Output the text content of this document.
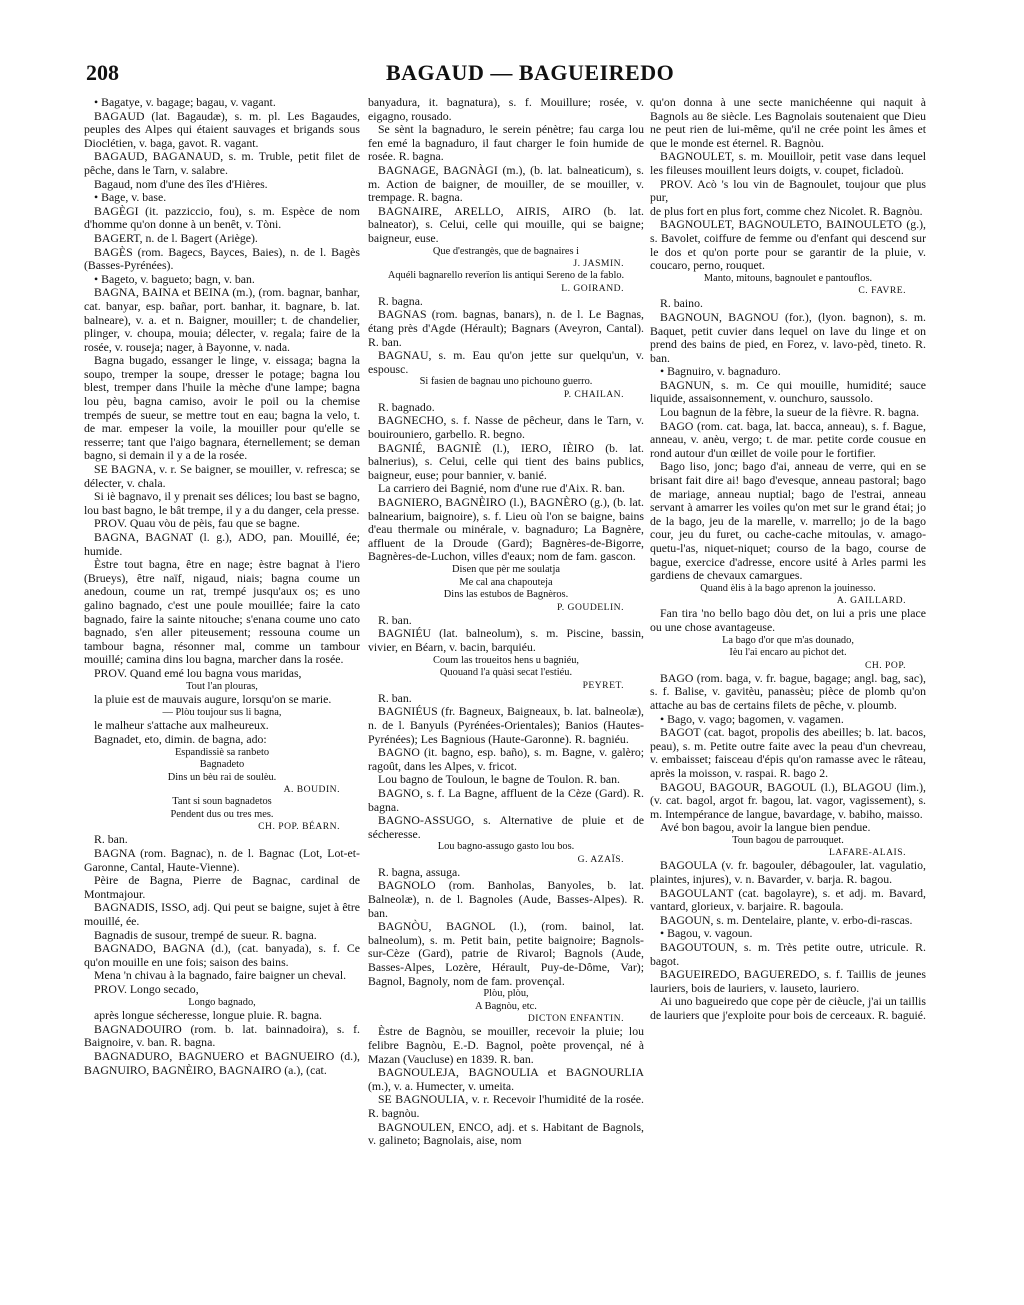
208	BAGAUD — BAGUEIREDO

• Bagatye, v. bagage; bagau, v. vagant.

BAGAUD (lat. Bagaudæ), s. m. pl. Les Bagaudes, peuples des Alpes qui étaient sauvages et brigands sous Dioclétien, v. baga, gavot. R. vagant.

BAGAUD, BAGANAUD, s. m. Truble, petit filet de pêche, dans le Tarn, v. salabre.

Bagaud, nom d'une des îles d'Hières.

• Bage, v. base.

BAGÈGI (it. pazziccio, fou), s. m. Espèce de nom d'homme qu'on donne à un benêt, v. Tòni.

BAGERT, n. de l. Bagert (Ariège).

BAGÈS (rom. Bageсs, Bayces, Baies), n. de l. Bagès (Basses-Pyrénées).

• Bageto, v. bagueto; bagn, v. ban.

BAGNA, BAINA et BEINA (m.), (rom. bagnar, banhar, cat. banyar, esp. bañar, port. banhar, it. bagnare, b. lat. balneare), v. a. et n. Baigner, mouiller; t. de chandelier, plinger, v. choupa, mouia; délecter, v. regala; faire de la rosée, v. rouseja; nager, à Bayonne, v. nada.

Bagna bugado, essanger le linge, v. eissaga; bagna la soupo, tremper la soupe, dresser le potage; bagna lou blest, tremper dans l'huile la mèche d'une lampe; bagna lou pèu, bagna camiso, avoir le poil ou la chemise trempés de sueur, se mettre tout en eau; bagna la velo, t. de mar. empeser la voile, la mouiller pour qu'elle se resserre; tant que l'aigo bagnara, éternellement; se deman bagno, si demain il y a de la rosée.

SE BAGNA, v. r. Se baigner, se mouiller, v. refresca; se délecter, v. chala.

Si iè bagnavo, il y prenait ses délices; lou bast se bagno, lou bast bagno, le bât trempe, il y a du danger, cela presse.

PROV. Quau vòu de pèis, fau que se bagne.

BAGNA, BAGNAT (l. g.), ADO, pan. Mouillé, ée; humide.

Èstre tout bagna, être en nage; èstre bagnat à l'iero (Brueys), être naïf, nigaud, niais; bagna coume un anedoun, coume un rat, trempé jusqu'aux os; es uno galino bagnado, c'est une poule mouillée; faire la cato bagnado, faire la sainte nitouche; s'enana coume uno cato bagnado, s'en aller piteusement; ressouna coume un tambour bagna, résonner mal, comme un tambour mouillé; camina dins lou bagna, marcher dans la rosée.

PROV. Quand emé lou bagna vous maridas,

Tout l'an plouras,

la pluie est de mauvais augure, lorsqu'on se marie.

— Plòu toujour sus li bagna,

le malheur s'attache aux malheureux.

Bagnadet, eto, dimin. de bagna, ado:

Espandissiè sa ranbeto

Bagnadeto

Dins un bèu rai de soulèu.

A. BOUDIN.

Tant si soun bagnadetos

Pendent dus ou tres mes.

CH. POP. BÉARN.

R. ban.

BAGNA (rom. Bagnac), n. de l. Bagnac (Lot, Lot-et-Garonne, Cantal, Haute-Vienne).

Pèire de Bagna, Pierre de Bagnac, cardinal de Montmajour.

BAGNADIS, ISSO, adj. Qui peut se baigne, sujet à être mouillé, ée.

Bagnadis de susour, trempé de sueur. R. bagna.

BAGNADO, BAGNA (d.), (cat. banyada), s. f. Ce qu'on mouille en une fois; saison des bains.

Mena 'n chivau à la bagnado, faire baigner un cheval.

PROV. Longo secado,

Longo bagnado,

après longue sécheresse, longue pluie. R. bagna.

BAGNADOUIRO (rom. b. lat. bainnadoira), s. f. Baignoire, v. ban. R. bagna.

BAGNADURO, BAGNUERO et BAGNUEIRO (d.), BAGNUIRO, BAGNÈIRO, BAGNAIRO (a.), (cat.

banyadura, it. bagnatura), s. f. Mouillure; rosée, v. eigagno, rousado.

Se sènt la bagnaduro, le serein pénètre; fau carga lou fen emé la bagnaduro, il faut charger le foin humide de rosée. R. bagna.

BAGNAGE, BAGNÀGI (m.), (b. lat. balneaticum), s. m. Action de baigner, de mouiller, de se mouiller, v. trempage. R. bagna.

BAGNAIRE, ARELLO, AIRIS, AIRO (b. lat. balneator), s. Celui, celle qui mouille, qui se baigne; baigneur, euse.

Que d'estrangès, que de bagnaires i

J. JASMIN.

Aquéli bagnarello reverïon lis antiqui Sereno de la fablo.

L. GOIRAND.

R. bagna.

BAGNAS (rom. bagnas, banars), n. de l. Le Bagnas, étang près d'Agde (Hérault); Bagnars (Aveyron, Cantal). R. ban.

BAGNAU, s. m. Eau qu'on jette sur quelqu'un, v. espousc.

Si fasien de bagnau uno pichouno guerro.

P. CHAILAN.

R. bagnado.

BAGNECHO, s. f. Nasse de pêcheur, dans le Tarn, v. bouirouniero, garbello. R. begno.

BAGNIÉ, BAGNIÈ (l.), IERO, IÈIRO (b. lat. balnerius), s. Celui, celle qui tient des bains publics, baigneur, euse; pour bannier, v. banié.

La carriero dei Bagnié, nom d'une rue d'Aix. R. ban.

BAGNIERO, BAGNÈIRO (l.), BAGNÈRO (g.), (b. lat. balnearium, baignoire), s. f. Lieu où l'on se baigne, bains d'eau thermale ou minérale, v. bagnaduro; La Bagnère, affluent de la Droude (Gard); Bagnères-de-Bigorre, Bagnères-de-Luchon, villes d'eaux; nom de fam. gascon.

Disen que pèr me soulatja

Me cal ana chapouteja

Dins las estubos de Bagnèros.

P. GOUDELIN.

R. ban.

BAGNIÉU (lat. balneolum), s. m. Piscine, bassin, vivier, en Béarn, v. bacin, barquiéu.

Coum las troueitos hens u bagniéu,

Quouand l'a quàsi secat l'estiéu.

PEYRET.

R. ban.

BAGNIÉUS (fr. Bagneux, Baigneaux, b. lat. balneolæ), n. de l. Banyuls (Pyrénées-Orientales); Banios (Hautes-Pyrénées); Les Bagnious (Haute-Garonne). R. bagniéu.

BAGNO (it. bagno, esp. baño), s. m. Bagne, v. galèro; ragoût, dans les Alpes, v. fricot.

Lou bagno de Touloun, le bagne de Toulon. R. ban.

BAGNO, s. f. La Bagne, affluent de la Cèze (Gard). R. bagna.

BAGNO-ASSUGO, s. Alternative de pluie et de sécheresse.

Lou bagno-assugo gasto lou bos.

G. AZAÏS.

R. bagna, assuga.

BAGNOLO (rom. Banholas, Banyoles, b. lat. Balneolæ), n. de l. Bagnoles (Aude, Basses-Alpes). R. ban.

BAGNÒU, BAGNOL (l.), (rom. bainol, lat. balneolum), s. m. Petit bain, petite baignoire; Bagnols-sur-Cèze (Gard), patrie de Rivarol; Bagnols (Aude, Basses-Alpes, Lozère, Hérault, Puy-de-Dôme, Var); Bagnol, Bagnoly, nom de fam. provençal.

Plòu, plòu,

A Bagnòu, etc.

DICTON ENFANTIN.

Èstre de Bagnòu, se mouiller, recevoir la pluie; lou felibre Bagnòu, E.-D. Bagnol, poète provençal, né à Mazan (Vaucluse) en 1839. R. ban.

BAGNOULEJA, BAGNOULIA et BAGNOURLIA (m.), v. a. Humecter, v. umeita.

SE BAGNOULIA, v. r. Recevoir l'humidité de la rosée. R. bagnòu.

BAGNOULEN, ENCO, adj. et s. Habitant de Bagnols, v. galineto; Bagnolais, aise, nom

qu'on donna à une secte manichéenne qui naquit à Bagnols au 8e siècle. Les Bagnolais soutenaient que Dieu ne peut rien de lui-même, qu'il ne crée point les âmes et que le monde est éternel. R. Bagnòu.

BAGNOULET, s. m. Mouilloir, petit vase dans lequel les fileuses mouillent leurs doigts, v. coupet, ficladoù.

PROV. Acò 's lou vin de Bagnoulet, toujour que plus pur,

de plus fort en plus fort, comme chez Nicolet. R. Bagnòu.

BAGNOULET, BAGNOULETO, BAINOULETO (g.), s. Bavolet, coiffure de femme ou d'enfant qui descend sur le dos et qu'on porte pour se garantir de la pluie, v. coucaro, perno, rouquet.

Manto, mitouns, bagnoulet e pantouflos.

C. FAVRE.

R. baino.

BAGNOUN, BAGNOU (for.), (lyon. bagnon), s. m. Baquet, petit cuvier dans lequel on lave du linge et on prend des bains de pied, en Forez, v. lavo-pèd, tineto. R. ban.

• Bagnuiro, v. bagnaduro.

BAGNUN, s. m. Ce qui mouille, humidité; sauce liquide, assaisonnement, v. ounchuro, saussolo.

Lou bagnun de la fèbre, la sueur de la fièvre. R. bagna.

BAGO (rom. cat. baga, lat. bacca, anneau), s. f. Bague, anneau, v. anèu, vergo; t. de mar. petite corde cousue en rond autour d'un œillet de voile pour le fortifier.

Bago liso, jonc; bago d'ai, anneau de verre, qui en se brisant fait dire ai! bago d'evesque, anneau pastoral; bago de mariage, anneau nuptial; bago de l'estrai, anneau servant à amarrer les voiles qu'on met sur le grand étai; jo de la bago, jeu de la marelle, v. marrello; jo de la bago cour, jeu du furet, ou cache-cache mitoulas, v. amago-quetu-l'as, niquet-niquet; courso de la bago, course de bague, exercice d'adresse, encore usité à Arles parmi les gardiens de chevaux camargues.

Quand èlis à la bago aprenon la jouinesso.

A. GAILLARD.

Fan tira 'no bello bago dòu det, on lui a pris une place ou une chose avantageuse.

La bago d'or que m'as dounado,

Ièu l'ai encaro au pichot det.

CH. POP.

BAGO (rom. baga, v. fr. bague, bagage; angl. bag, sac), s. f. Balise, v. gavitèu, panassèu; pièce de plomb qu'on attache au bas de certains filets de pêche, v. ploumb.

• Bago, v. vago; bagomen, v. vagamen.

BAGOT (cat. bagot, propolis des abeilles; b. lat. bacos, peau), s. m. Petite outre faite avec la peau d'un chevreau, v. embaisset; faisceau d'épis qu'on ramasse avec le râteau, après la moisson, v. raspai. R. bago 2.

BAGOU, BAGOUR, BAGOUL (l.), BLAGOU (lim.), (v. cat. bagol, argot fr. bagou, lat. vagor, vagissement), s. m. Intempérance de langue, bavardage, v. babiho, maisso.

Avé bon bagou, avoir la langue bien pendue.

Toun bagou de parrouquet.

LAFARE-ALAIS.

BAGOULA (v. fr. bagouler, débagouler, lat. vagulatio, plaintes, injures), v. n. Bavarder, v. barja. R. bagou.

BAGOULANT (cat. bagolayre), s. et adj. m. Bavard, vantard, glorieux, v. barjaire. R. bagoula.

BAGOUN, s. m. Dentelaire, plante, v. erbo-di-rascas.

• Bagou, v. vagoun.

BAGOUTOUN, s. m. Très petite outre, utricule. R. bagot.

BAGUEIREDO, BAGUEREDO, s. f. Taillis de jeunes lauriers, bois de lauriers, v. lauseto, lauriero.

Ai uno bagueiredo que cope pèr de cièucle, j'ai un taillis de lauriers que j'exploite pour bois de cerceaux. R. baguié.
